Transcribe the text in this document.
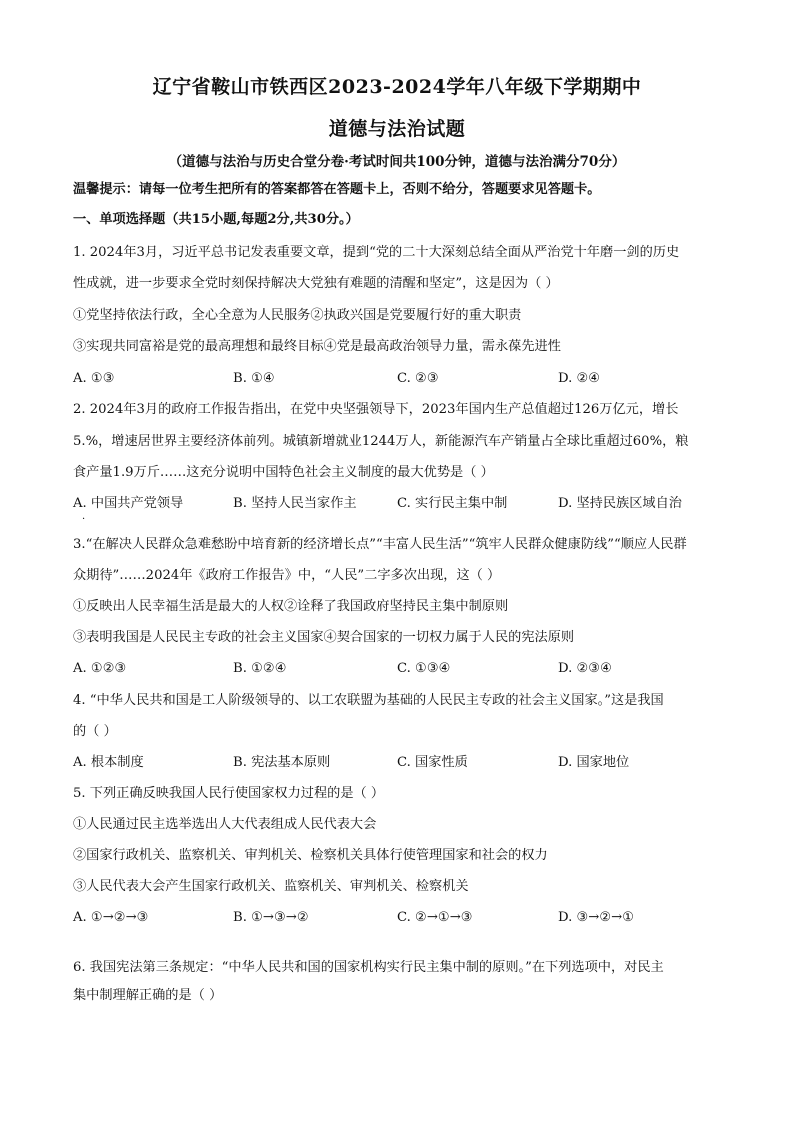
辽宁省鞍山市铁西区2023-2024学年八年级下学期期中
道德与法治试题
（道德与法治与历史合堂分卷·考试时间共100分钟，道德与法治满分70分）
温馨提示：请每一位考生把所有的答案都答在答题卡上，否则不给分，答题要求见答题卡。
一、单项选择题（共15小题,每题2分,共30分。）
1. 2024年3月，习近平总书记发表重要文章，提到“党的二十大深刻总结全面从严治党十年磨一剑的历史
性成就，进一步要求全党时刻保持解决大党独有难题的清醒和坚定”，这是因为（ ）
①党坚持依法行政，全心全意为人民服务②执政兴国是党要履行好的重大职责
③实现共同富裕是党的最高理想和最终目标④党是最高政治领导力量，需永葆先进性
A. ①③	B. ①④	C. ②③	D. ②④
2. 2024年3月的政府工作报告指出，在党中央坚强领导下，2023年国内生产总值超过126万亿元，增长
5.%，增速居世界主要经济体前列。城镇新增就业1244万人，新能源汽车产销量占全球比重超过60%，粮
食产量1.9万斤……这充分说明中国特色社会主义制度的最大优势是（ ）
A. 中国共产党领导	B. 坚持人民当家作主	C. 实行民主集中制	D. 坚持民族区域自治
·
3.“在解决人民群众急难愁盼中培育新的经济增长点”“丰富人民生活”“筑牢人民群众健康防线”“顺应人民群
众期待”……2024年《政府工作报告》中，“人民”二字多次出现，这（ ）
①反映出人民幸福生活是最大的人权②诠释了我国政府坚持民主集中制原则
③表明我国是人民民主专政的社会主义国家④契合国家的一切权力属于人民的宪法原则
A. ①②③	B. ①②④	C. ①③④	D. ②③④
4. “中华人民共和国是工人阶级领导的、以工农联盟为基础的人民民主专政的社会主义国家。”这是我国
的（ ）
A. 根本制度	B. 宪法基本原则	C. 国家性质	D. 国家地位
5. 下列正确反映我国人民行使国家权力过程的是（ ）
①人民通过民主选举选出人大代表组成人民代表大会
②国家行政机关、监察机关、审判机关、检察机关具体行使管理国家和社会的权力
③人民代表大会产生国家行政机关、监察机关、审判机关、检察机关
A. ①→②→③	B. ①→③→②	C. ②→①→③	D. ③→②→①
6. 我国宪法第三条规定：“中华人民共和国的国家机构实行民主集中制的原则。”在下列选项中，对民主
集中制理解正确的是（ ）
